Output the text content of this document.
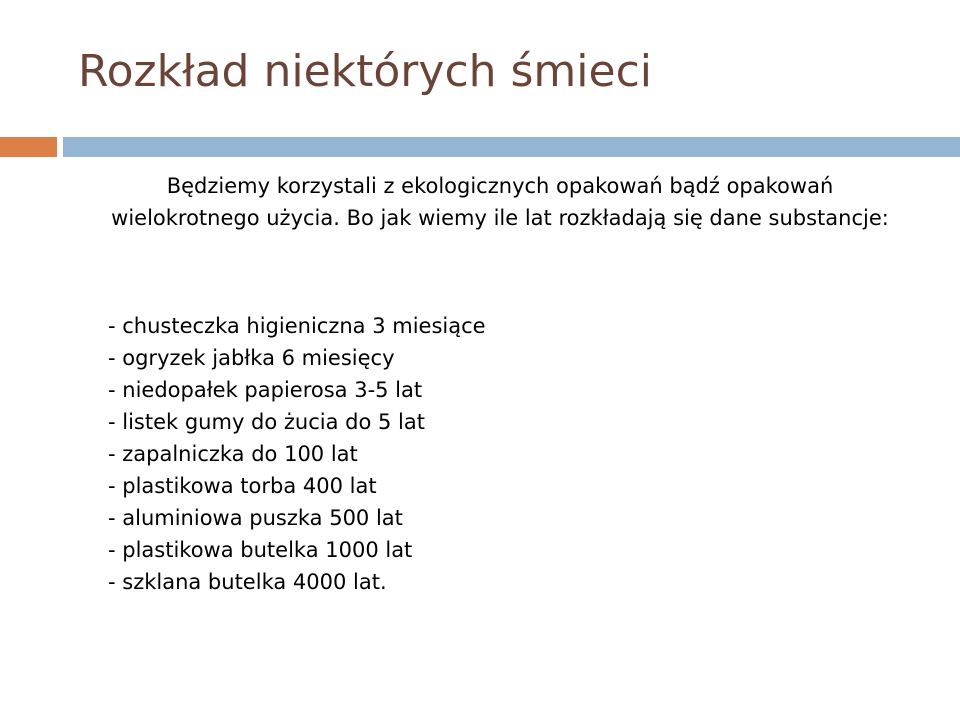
Rozkład niektórych śmieci
Będziemy korzystali z ekologicznych opakowań bądź opakowań wielokrotnego użycia. Bo jak wiemy ile lat rozkładają się dane substancje:
- chusteczka higieniczna 3 miesiące
- ogryzek jabłka 6 miesięcy
- niedopałek papierosa 3-5 lat
- listek gumy do żucia do 5 lat
- zapalniczka do 100 lat
- plastikowa torba 400 lat
- aluminiowa puszka 500 lat
- plastikowa butelka 1000 lat
- szklana butelka 4000 lat.
